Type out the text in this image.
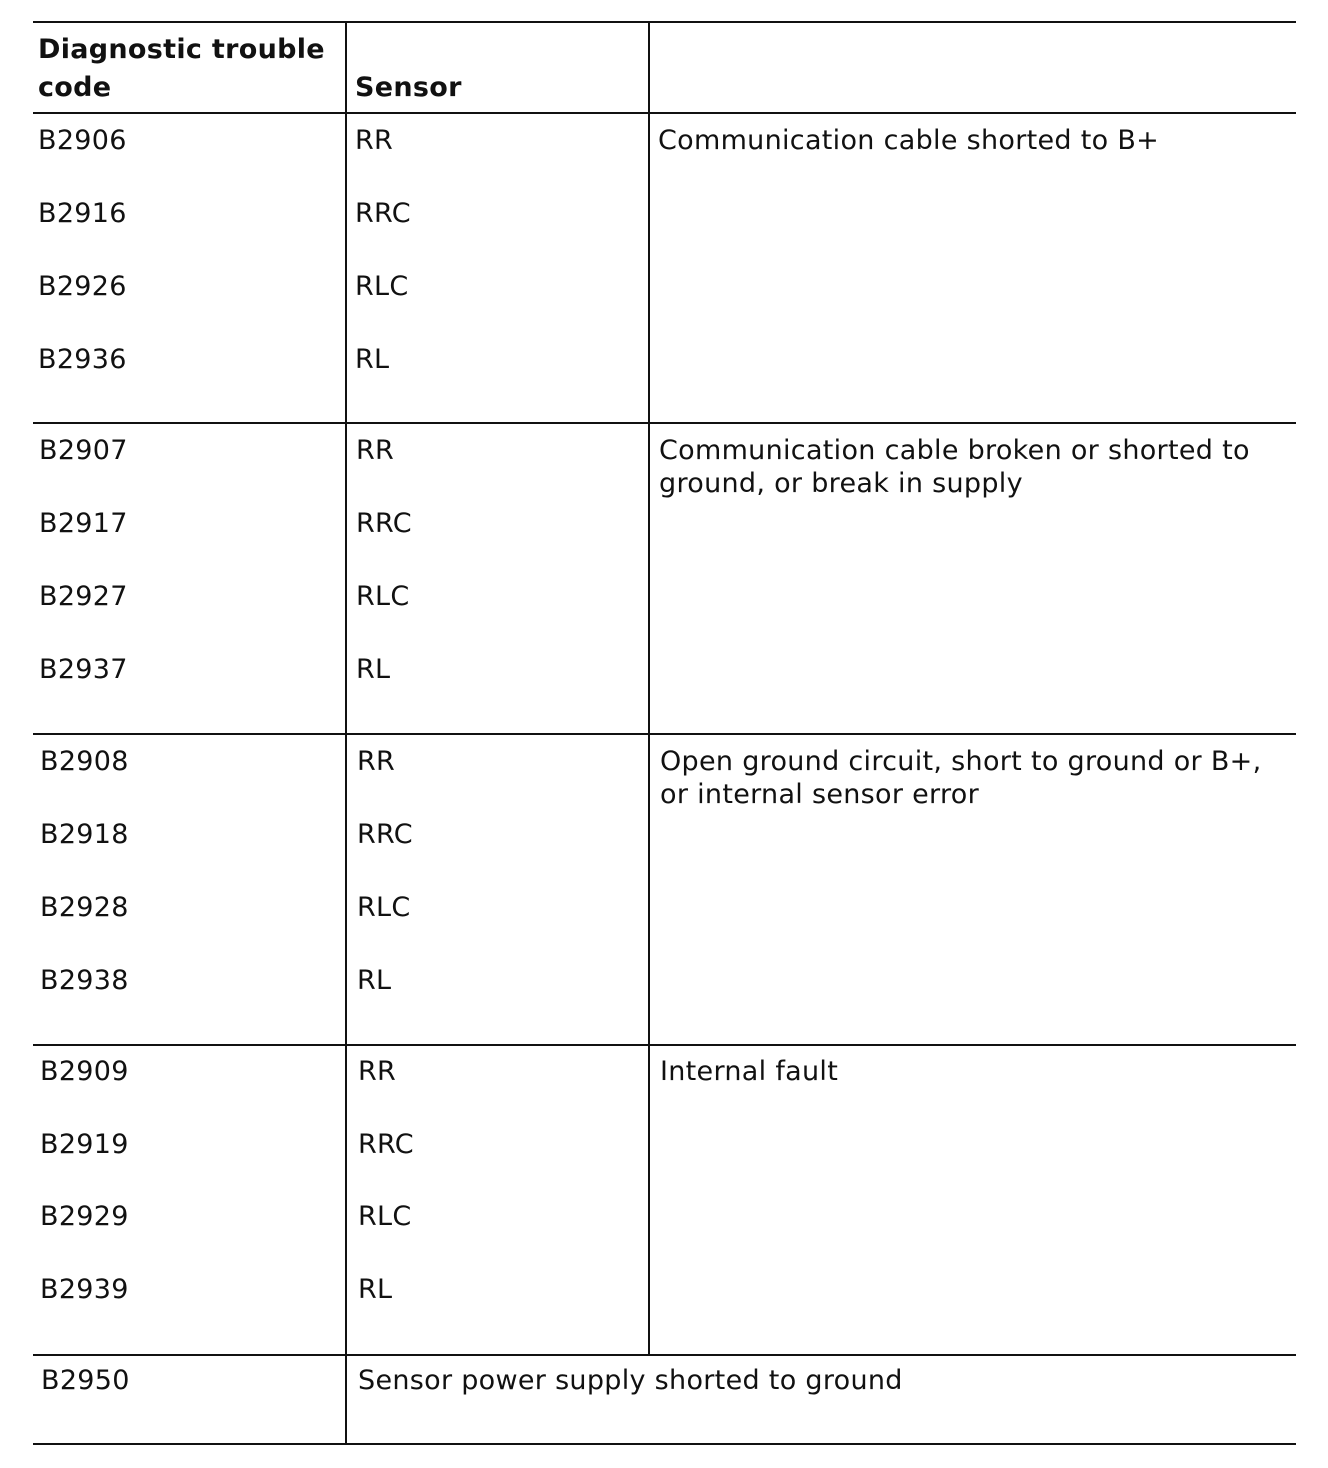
Diagnostic trouble code	Sensor
B2906	RR
B2916	RRC
B2926	RLC
B2936	RL
Communication cable shorted to B+
B2907	RR
B2917	RRC
B2927	RLC
B2937	RL
Communication cable broken or shorted to ground, or break in supply
B2908	RR
B2918	RRC
B2928	RLC
B2938	RL
Open ground circuit, short to ground or B+, or internal sensor error
B2909	RR
B2919	RRC
B2929	RLC
B2939	RL
Internal fault
B2950	Sensor power supply shorted to ground
